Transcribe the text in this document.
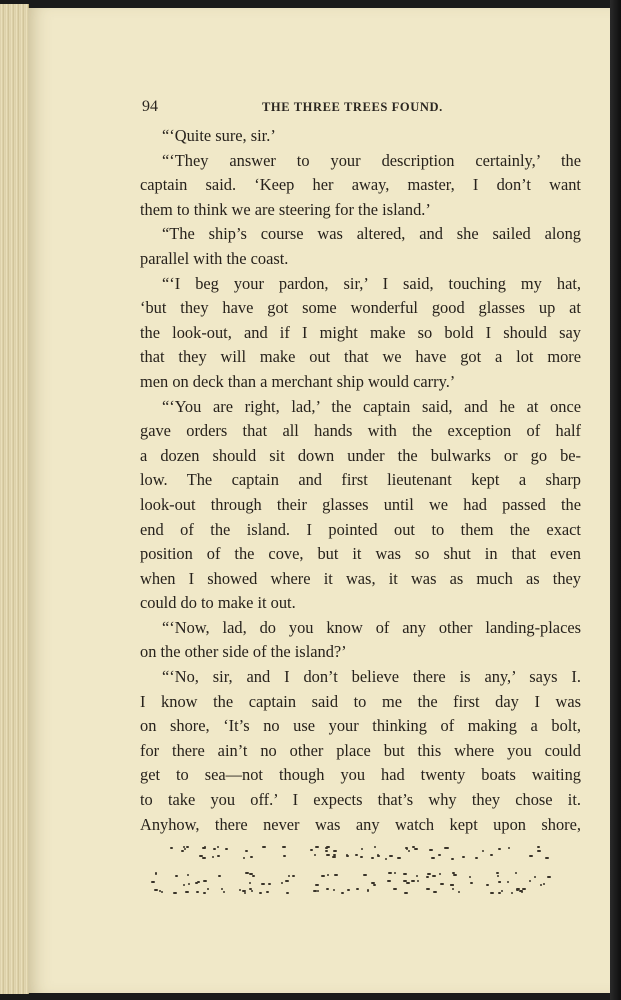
94	THE THREE TREES FOUND.
“‘Quite sure, sir.’
“‘They answer to your description certainly,’ the
captain said. ‘Keep her away, master, I don’t want
them to think we are steering for the island.’
“The ship’s course was altered, and she sailed along
parallel with the coast.
“‘I beg your pardon, sir,’ I said, touching my hat,
‘but they have got some wonderful good glasses up at
the look-out, and if I might make so bold I should say
that they will make out that we have got a lot more
men on deck than a merchant ship would carry.’
“‘You are right, lad,’ the captain said, and he at once
gave orders that all hands with the exception of half
a dozen should sit down under the bulwarks or go be-
low. The captain and first lieutenant kept a sharp
look-out through their glasses until we had passed the
end of the island. I pointed out to them the exact
position of the cove, but it was so shut in that even
when I showed where it was, it was as much as they
could do to make it out.
“‘Now, lad, do you know of any other landing-places
on the other side of the island?’
“‘No, sir, and I don’t believe there is any,’ says I.
I know the captain said to me the first day I was
on shore, ‘It’s no use your thinking of making a bolt,
for there ain’t no other place but this where you could
get to sea—not though you had twenty boats waiting
to take you off.’ I expects that’s why they chose it.
Anyhow, there never was any watch kept upon shore,
